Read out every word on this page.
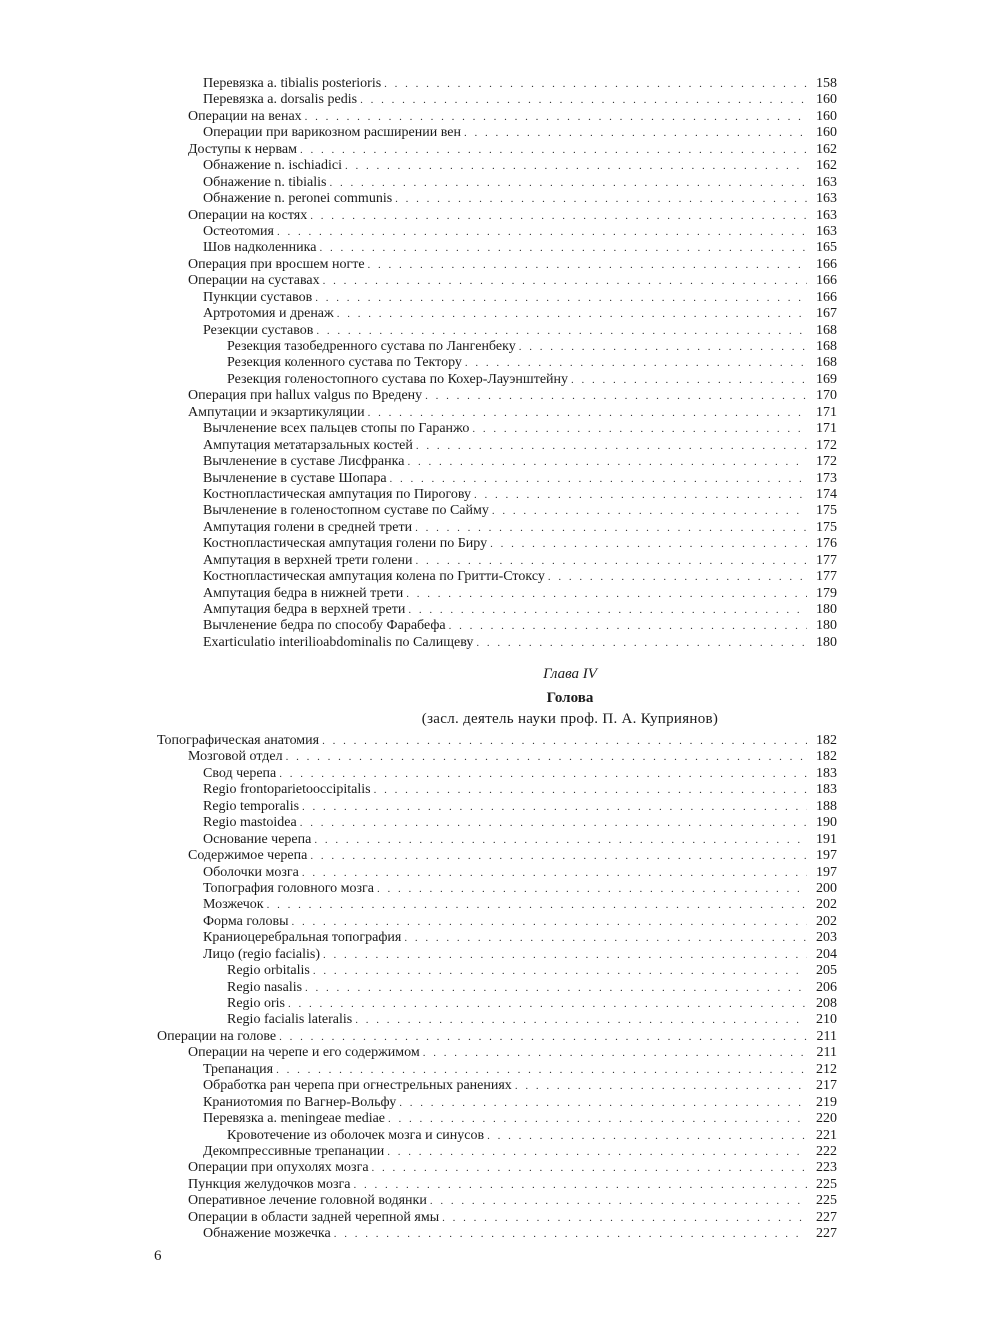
Перевязка a. tibialis posterioris . . .	158
Перевязка a. dorsalis pedis . . .	160
Операции на венах . . .	160
Операции при варикозном расширении вен . . .	160
Доступы к нервам . . .	162
Обнажение n. ischiadici . . .	162
Обнажение n. tibialis . . .	163
Обнажение n. peronei communis . . .	163
Операции на костях . . .	163
Остеотомия . . .	163
Шов надколенника . . .	165
Операция при вросшем ногте . . .	166
Операции на суставах . . .	166
Пункции суставов . . .	166
Артротомия и дренаж . . .	167
Резекции суставов . . .	168
Резекция тазобедренного сустава по Лангенбеку . . .	168
Резекция коленного сустава по Тектору . . .	168
Резекция голеностопного сустава по Кохер-Лауэнштейну . . .	169
Операция при hallux valgus по Вредену . . .	170
Ампутации и экзартикуляции . . .	171
Вычленение всех пальцев стопы по Гаранжо . . .	171
Ампутация метатарзальных костей . . .	172
Вычленение в суставе Лисфранка . . .	172
Вычленение в суставе Шопара . . .	173
Костнопластическая ампутация по Пирогову . . .	174
Вычленение в голеностопном суставе по Сайму . . .	175
Ампутация голени в средней трети . . .	175
Костнопластическая ампутация голени по Биру . . .	176
Ампутация в верхней трети голени . . .	177
Костнопластическая ампутация колена по Гритти-Стоксу . . .	177
Ампутация бедра в нижней трети . . .	179
Ампутация бедра в верхней трети . . .	180
Вычленение бедра по способу Фарабефа . . .	180
Exarticulatio interilioabdominalis по Салищеву . . .	180
Глава IV
Голова
(засл. деятель науки проф. П. А. Куприянов)
Топографическая анатомия . . .	182
Мозговой отдел . . .	182
Свод черепа . . .	183
Regio frontoparietooccipitalis . . .	183
Regio temporalis . . .	188
Regio mastoidea . . .	190
Основание черепа . . .	191
Содержимое черепа . . .	197
Оболочки мозга . . .	197
Топография головного мозга . . .	200
Мозжечок . . .	202
Форма головы . . .	202
Краниоцеребральная топография . . .	203
Лицо (regio facialis) . . .	204
Regio orbitalis . . .	205
Regio nasalis . . .	206
Regio oris . . .	208
Regio facialis lateralis . . .	210
Операции на голове . . .	211
Операции на черепе и его содержимом . . .	211
Трепанация . . .	212
Обработка ран черепа при огнестрельных ранениях . . .	217
Краниотомия по Вагнер-Вольфу . . .	219
Перевязка a. meningeae mediae . . .	220
Кровотечение из оболочек мозга и синусов . . .	221
Декомпрессивные трепанации . . .	222
Операции при опухолях мозга . . .	223
Пункция желудочков мозга . . .	225
Оперативное лечение головной водянки . . .	225
Операции в области задней черепной ямы . . .	227
Обнажение мозжечка . . .	227
6
